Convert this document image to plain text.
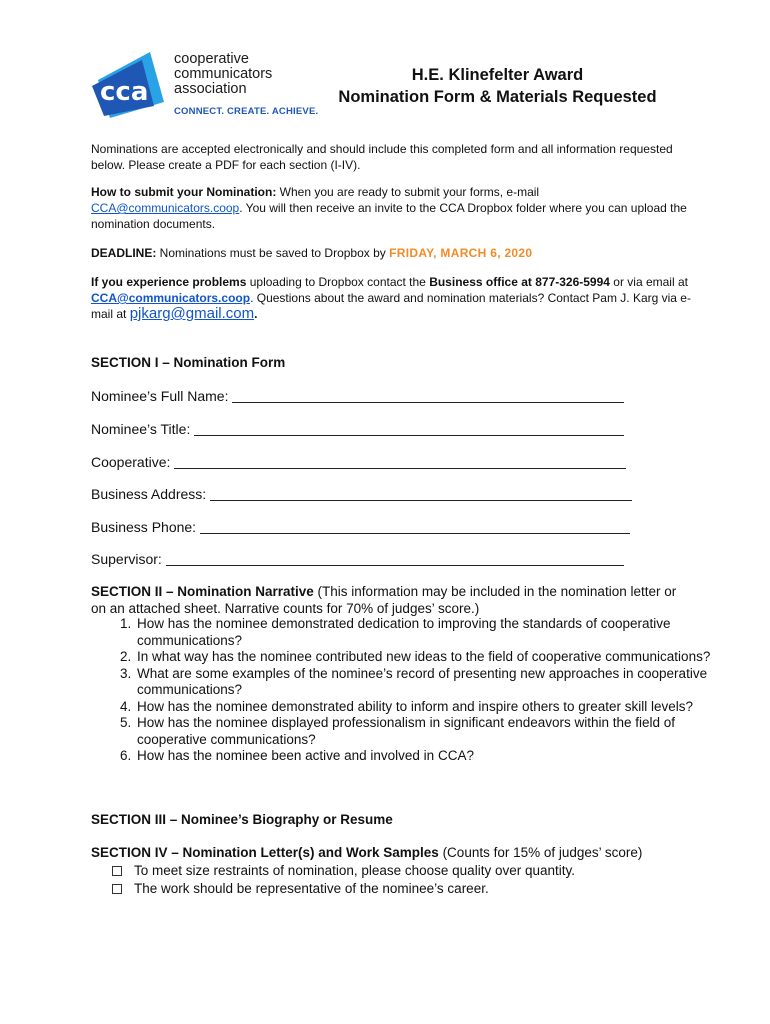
cca
cooperative
communicators
association
CONNECT. CREATE. ACHIEVE.
H.E. Klinefelter Award
Nomination Form & Materials Requested
Nominations are accepted electronically and should include this completed form and all information requested below. Please create a PDF for each section (I-IV).
How to submit your Nomination: When you are ready to submit your forms, e-mail CCA@communicators.coop. You will then receive an invite to the CCA Dropbox folder where you can upload the nomination documents.
DEADLINE: Nominations must be saved to Dropbox by FRIDAY, MARCH 6, 2020
If you experience problems uploading to Dropbox contact the Business office at 877-326-5994 or via email at CCA@communicators.coop. Questions about the award and nomination materials? Contact Pam J. Karg via e-mail at pjkarg@gmail.com.
SECTION I – Nomination Form
Nominee’s Full Name:
Nominee’s Title:
Cooperative:
Business Address:
Business Phone:
Supervisor:
SECTION II – Nomination Narrative (This information may be included in the nomination letter or on an attached sheet. Narrative counts for 70% of judges’ score.)
1. How has the nominee demonstrated dedication to improving the standards of cooperative communications?
2. In what way has the nominee contributed new ideas to the field of cooperative communications?
3. What are some examples of the nominee’s record of presenting new approaches in cooperative communications?
4. How has the nominee demonstrated ability to inform and inspire others to greater skill levels?
5. How has the nominee displayed professionalism in significant endeavors within the field of cooperative communications?
6. How has the nominee been active and involved in CCA?
SECTION III – Nominee’s Biography or Resume
SECTION IV – Nomination Letter(s) and Work Samples (Counts for 15% of judges’ score)
To meet size restraints of nomination, please choose quality over quantity.
The work should be representative of the nominee’s career.
